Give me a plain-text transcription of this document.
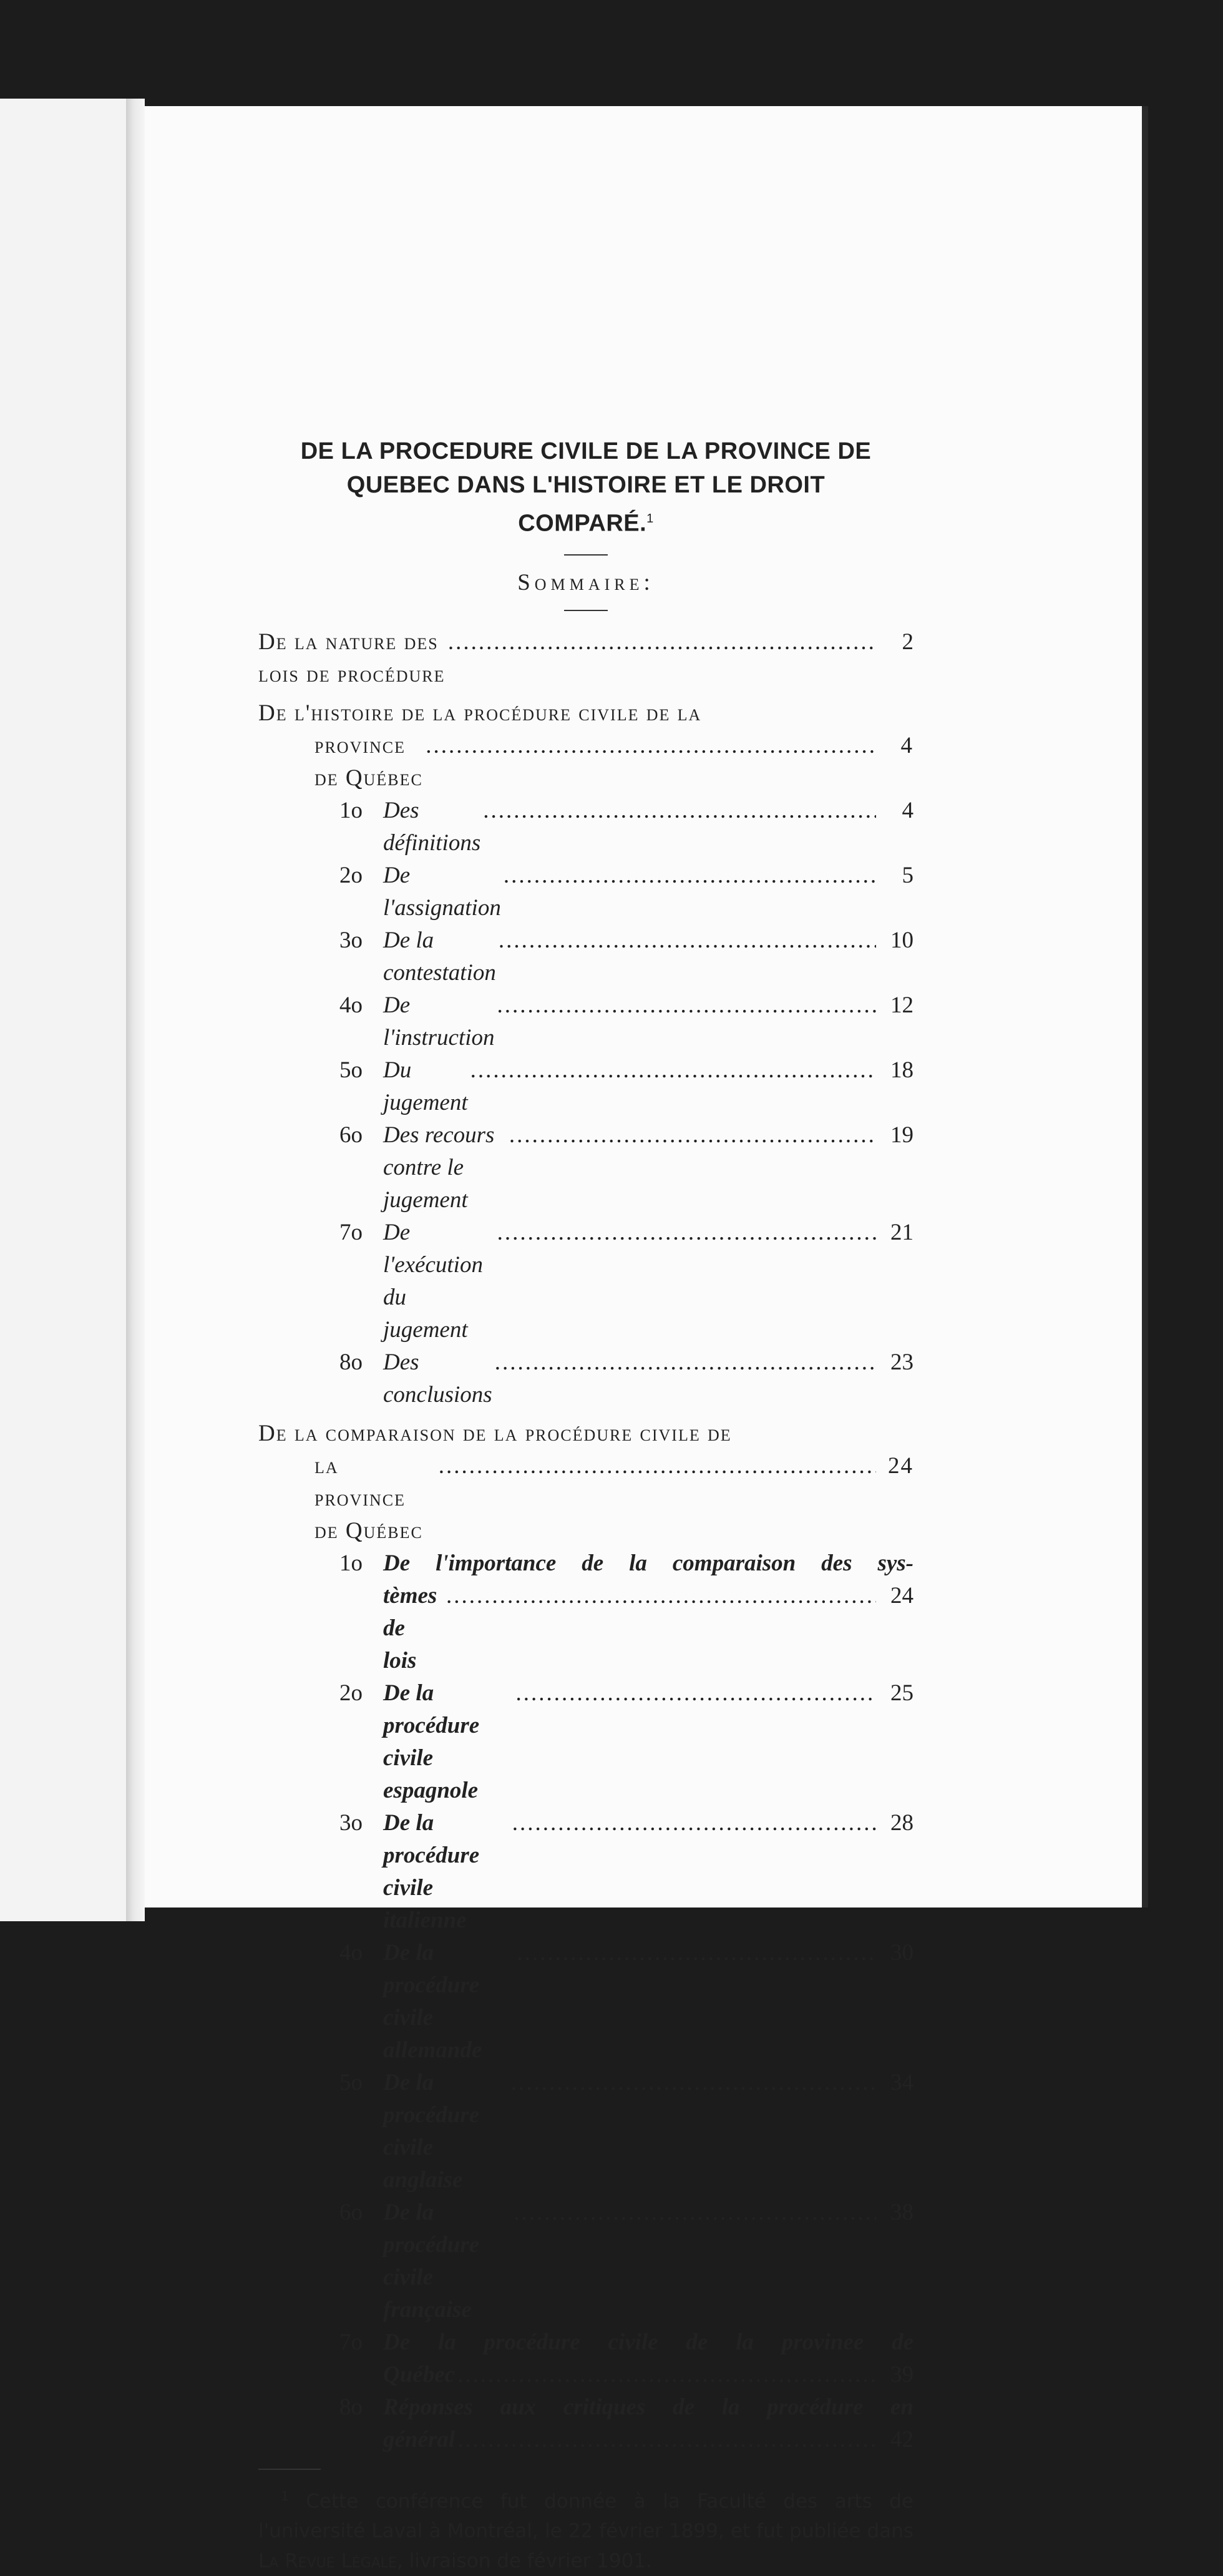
DE LA PROCEDURE CIVILE DE LA PROVINCE DE
QUEBEC DANS L'HISTOIRE ET LE DROIT
COMPARÉ.$^1$

Sommaire:

De la nature des lois de procédure
.....
2
De l'histoire de la procédure civile de la
province de Québec
.....
4
1o Des définitions
.....
4
2o De l'assignation
.....
5
3o De la contestation
.....
10
4o De l'instruction
.....
12
5o Du jugement
.....
18
6o Des recours contre le jugement
.....
19
7o De l'exécution du jugement
.....
21
8o Des conclusions
.....
23
De la comparaison de la procédure civile de
la province de Québec
.....
24
1o De l'importance de la comparaison des sys-
tèmes de lois
.....
24
2o De la procédure civile espagnole
.....
25
3o De la procédure civile italienne
.....
28
4o De la procédure civile allemande
.....
30
5o De la procédure civile anglaise
.....
34
6o De la procédure civile française
.....
38
7o De la procédure civile de la provinee de
Québec .....	39
8o Réponses aux critiques de la procédure en
général .....	42

$^1$ Cette conférence fut donnée à la Faculté des arts de l'université Laval à Montréal, le 22 février 1899, et fut publiée dans La Revue Légale, livraison de février 1901.
